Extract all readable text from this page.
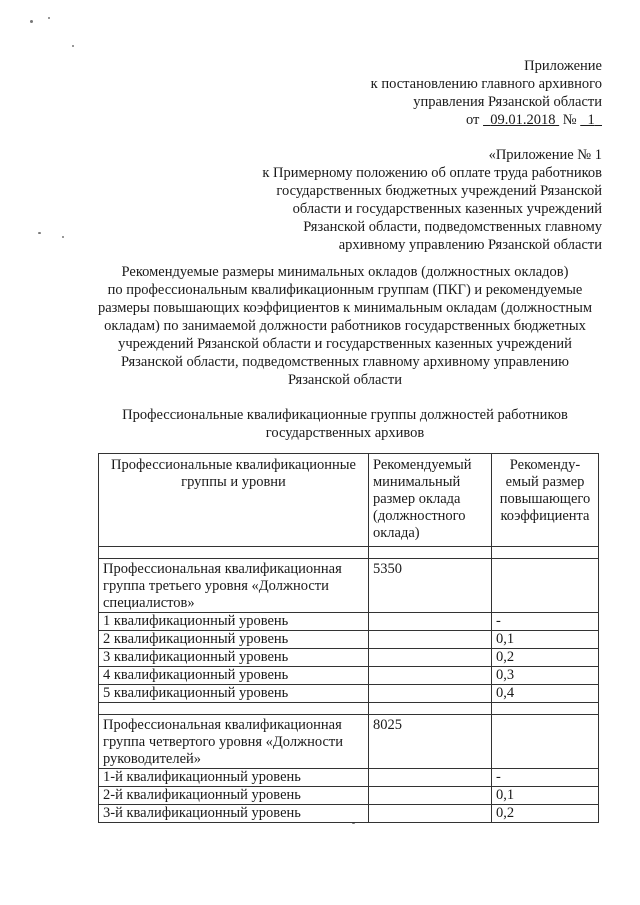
Приложение
к постановлению главного архивного
управления Рязанской области
от 09.01.2018 № 1
«Приложение № 1
к Примерному положению об оплате труда работников
государственных бюджетных учреждений Рязанской
области и государственных казенных учреждений
Рязанской области, подведомственных главному
архивному управлению Рязанской области
Рекомендуемые размеры минимальных окладов (должностных окладов)
по профессиональным квалификационным группам (ПКГ) и рекомендуемые
размеры повышающих коэффициентов к минимальным окладам (должностным
окладам) по занимаемой должности работников государственных бюджетных
учреждений Рязанской области и государственных казенных учреждений
Рязанской области, подведомственных главному архивному управлению
Рязанской области
Профессиональные квалификационные группы должностей работников
государственных архивов
Профессиональные квалификационные группы и уровни	Рекомендуемый минимальный размер оклада (должностного оклада)	Рекоменду-емый размер повышающего коэффициента

Профессиональная квалификационная группа третьего уровня «Должности специалистов»	5350	
1 квалификационный уровень		-
2 квалификационный уровень		0,1
3 квалификационный уровень		0,2
4 квалификационный уровень		0,3
5 квалификационный уровень		0,4

Профессиональная квалификационная группа четвертого уровня «Должности руководителей»	8025	
1-й квалификационный уровень		-
2-й квалификационный уровень		0,1
3-й квалификационный уровень		0,2
